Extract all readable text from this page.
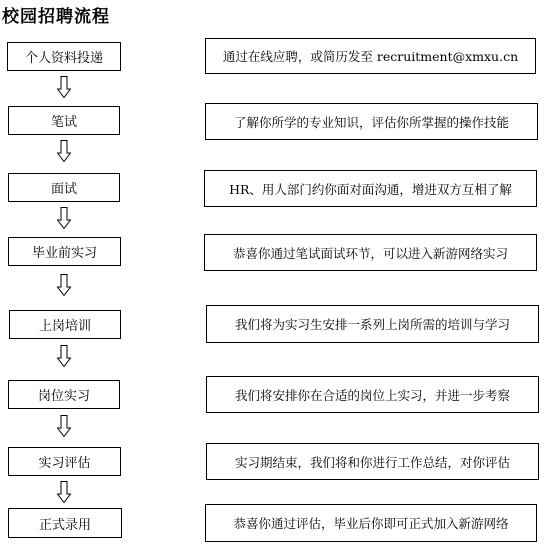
校园招聘流程
个人资料投递
笔试
面试
毕业前实习
上岗培训
岗位实习
实习评估
正式录用
通过在线应聘，或简历发至 recruitment@xmxu.cn
了解你所学的专业知识，评估你所掌握的操作技能
HR、用人部门约你面对面沟通，增进双方互相了解
恭喜你通过笔试面试环节，可以进入新游网络实习
我们将为实习生安排一系列上岗所需的培训与学习
我们将安排你在合适的岗位上实习，并进一步考察
实习期结束，我们将和你进行工作总结，对你评估
恭喜你通过评估，毕业后你即可正式加入新游网络
